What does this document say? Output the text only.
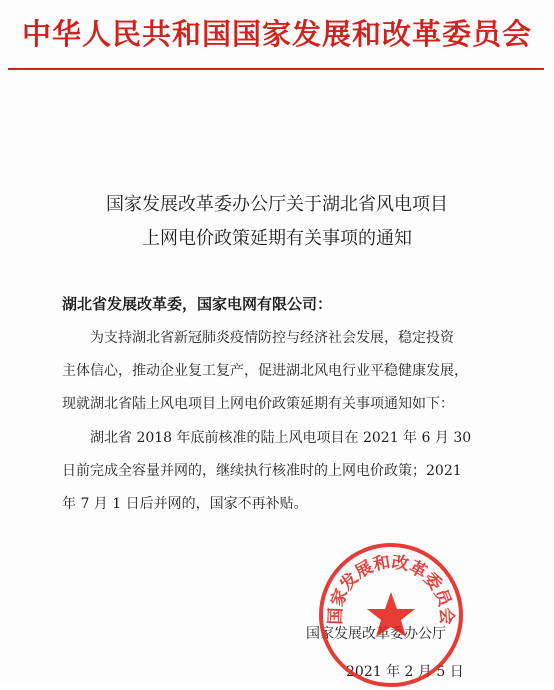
中华人民共和国国家发展和改革委员会
国家发展改革委办公厅关于湖北省风电项目
上网电价政策延期有关事项的通知
湖北省发展改革委，国家电网有限公司：
为支持湖北省新冠肺炎疫情防控与经济社会发展，稳定投资
主体信心，推动企业复工复产，促进湖北风电行业平稳健康发展，
现就湖北省陆上风电项目上网电价政策延期有关事项通知如下：
湖北省 2018 年底前核准的陆上风电项目在 2021 年 6 月 30
日前完成全容量并网的，继续执行核准时的上网电价政策；2021
年 7 月 1 日后并网的，国家不再补贴。
国家发展改革委办公厅
2021 年 2 月 5 日
国家发展和改革委员会
